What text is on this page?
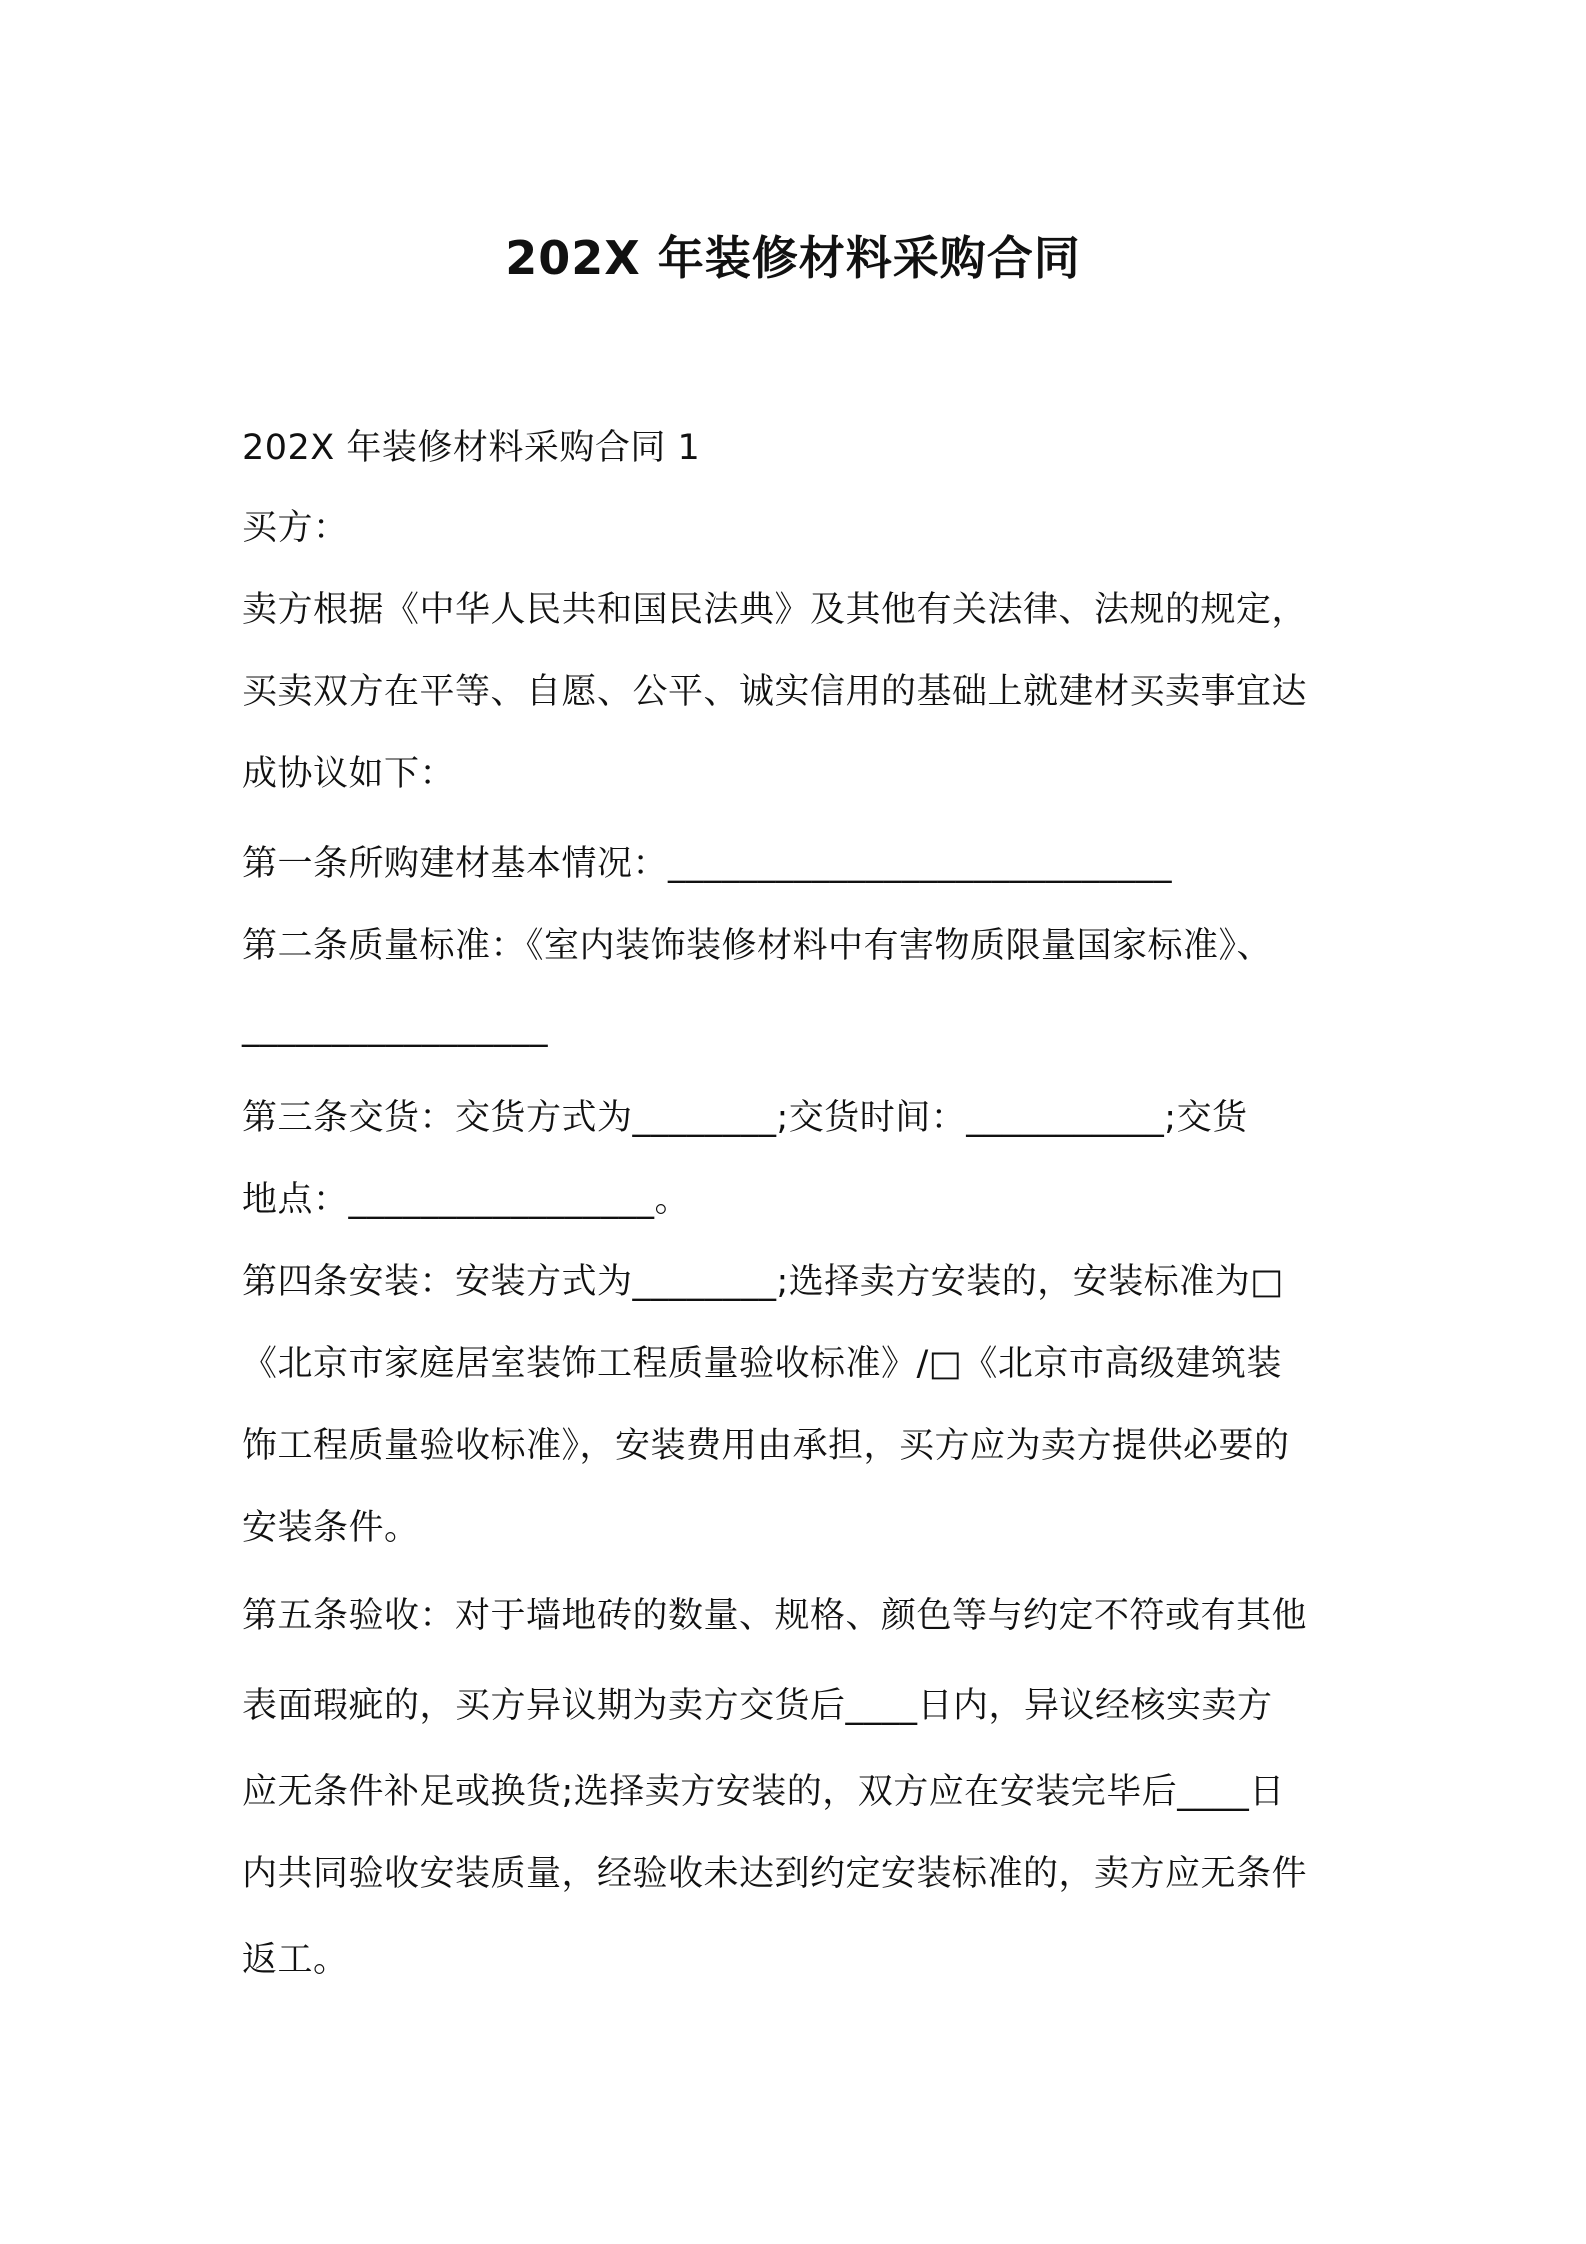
202X 年装修材料采购合同
202X 年装修材料采购合同 1
买方：
卖方根据《中华人民共和国民法典》及其他有关法律、法规的规定，
买卖双方在平等、自愿、公平、诚实信用的基础上就建材买卖事宜达
成协议如下：
第一条所购建材基本情况：____________________________
第二条质量标准：《室内装饰装修材料中有害物质限量国家标准》、
_________________
第三条交货：交货方式为________;交货时间：___________;交货
地点：_________________。
第四条安装：安装方式为________;选择卖方安装的，安装标准为□
《北京市家庭居室装饰工程质量验收标准》/□《北京市高级建筑装
饰工程质量验收标准》，安装费用由承担，买方应为卖方提供必要的
安装条件。
第五条验收：对于墙地砖的数量、规格、颜色等与约定不符或有其他
表面瑕疵的，买方异议期为卖方交货后____日内，异议经核实卖方
应无条件补足或换货;选择卖方安装的，双方应在安装完毕后____日
内共同验收安装质量，经验收未达到约定安装标准的，卖方应无条件
返工。
